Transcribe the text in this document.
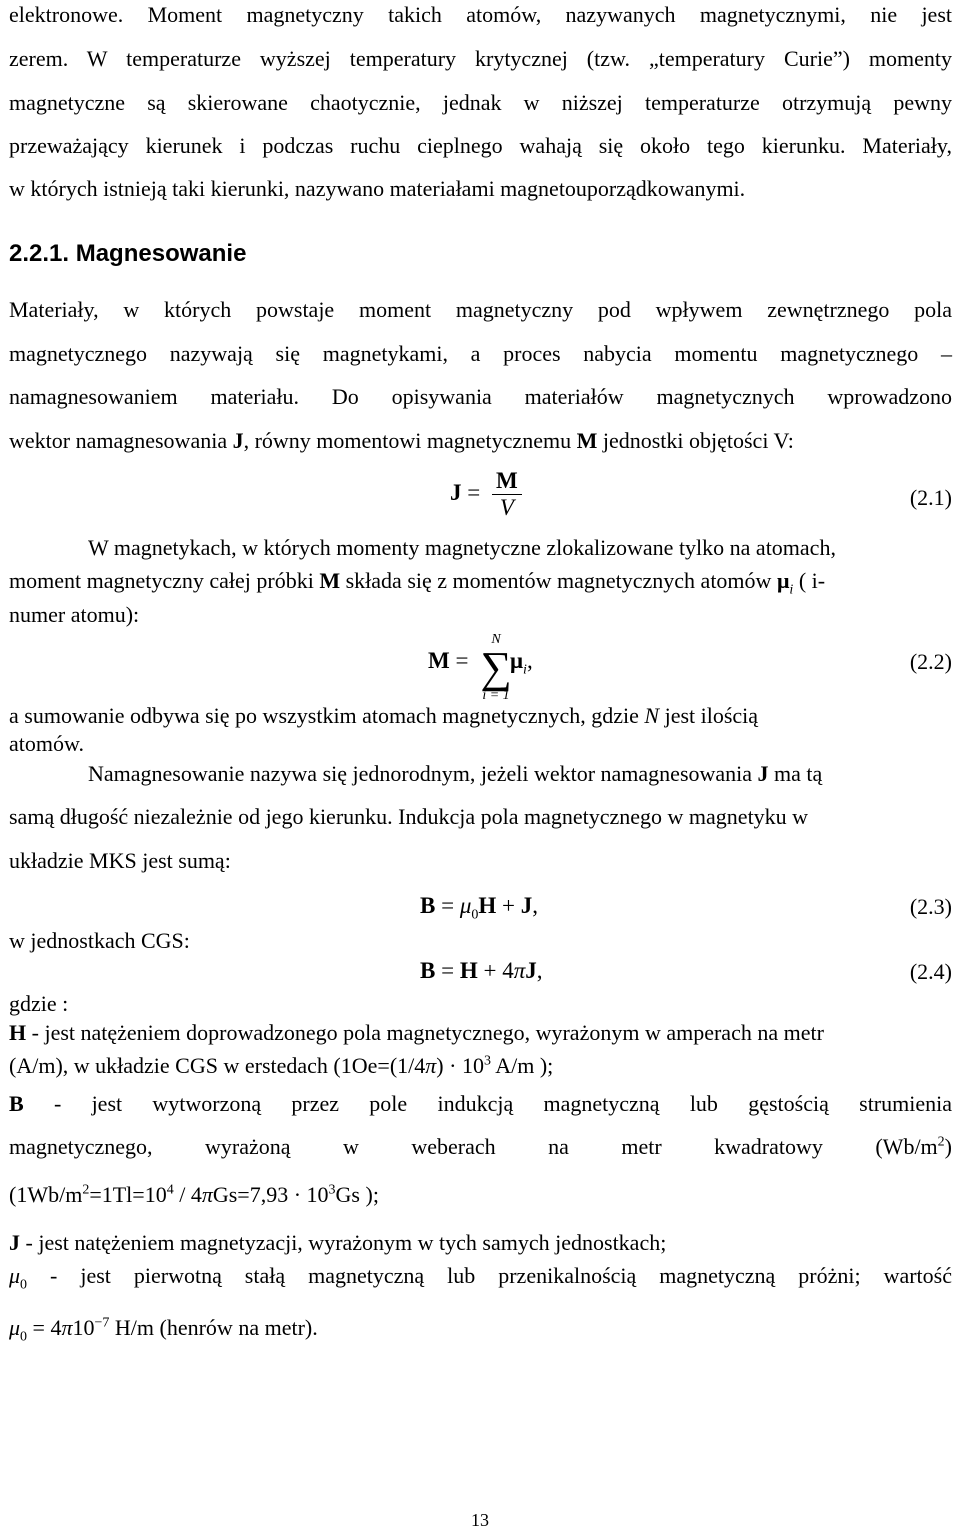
elektronowe. Moment magnetyczny takich atomów, nazywanych magnetycznymi, nie jest
zerem. W temperaturze wyższej temperatury krytycznej (tzw. „temperatury Curie”) momenty
magnetyczne są skierowane chaotycznie, jednak w niższej temperaturze otrzymują pewny
przeważający kierunek i podczas ruchu cieplnego wahają się około tego kierunku. Materiały,
w których istnieją taki kierunki, nazywano materiałami magnetouporządkowanymi.
2.2.1. Magnesowanie
Materiały, w których powstaje moment magnetyczny pod wpływem zewnętrznego pola
magnetycznego nazywają się magnetykami, a proces nabycia momentu magnetycznego –
namagnesowaniem materiału. Do opisywania materiałów magnetycznych wprowadzono
wektor namagnesowania J, równy momentowi magnetycznemu M jednostki objętości V:
$J = \frac{M}{V}$	(2.1)
W magnetykach, w których momenty magnetyczne zlokalizowane tylko na atomach,
moment magnetyczny całej próbki M składa się z momentów magnetycznych atomów $\mu_i$ ( i-
numer atomu):
M =
N
∑
i = 1
$\mu_i$,	(2.2)
a sumowanie odbywa się po wszystkim atomach magnetycznych, gdzie N jest ilością
atomów.
Namagnesowanie nazywa się jednorodnym, jeżeli wektor namagnesowania J ma tą
samą długość niezależnie od jego kierunku. Indukcja pola magnetycznego w magnetyku w
układzie MKS jest sumą:
$B = \mu_0H + J$,	(2.3)
w jednostkach CGS:
B = H + 4πJ,	(2.4)
gdzie :
H - jest natężeniem doprowadzonego pola magnetycznego, wyrażonym w amperach na metr
(A/m), w układzie CGS w erstedach ($1Oe=(1/4\pi) \cdot 10^3$ A/m );
B - jest wytworzoną przez pole indukcją magnetyczną lub gęstością strumienia
magnetycznego, wyrażoną w weberach na metr kwadratowy $(Wb/m^2)$
($1Wb/m^2=1Tl=10^4 / 4\pi Gs=7,93 \cdot 10^3Gs$ );
J - jest natężeniem magnetyzacji, wyrażonym w tych samych jednostkach;
$\mu_0$ - jest pierwotną stałą magnetyczną lub przenikalnością magnetyczną próżni; wartość
$\mu_0 = 4\pi 10^{-7}$ H/m (henrów na metr).
13
